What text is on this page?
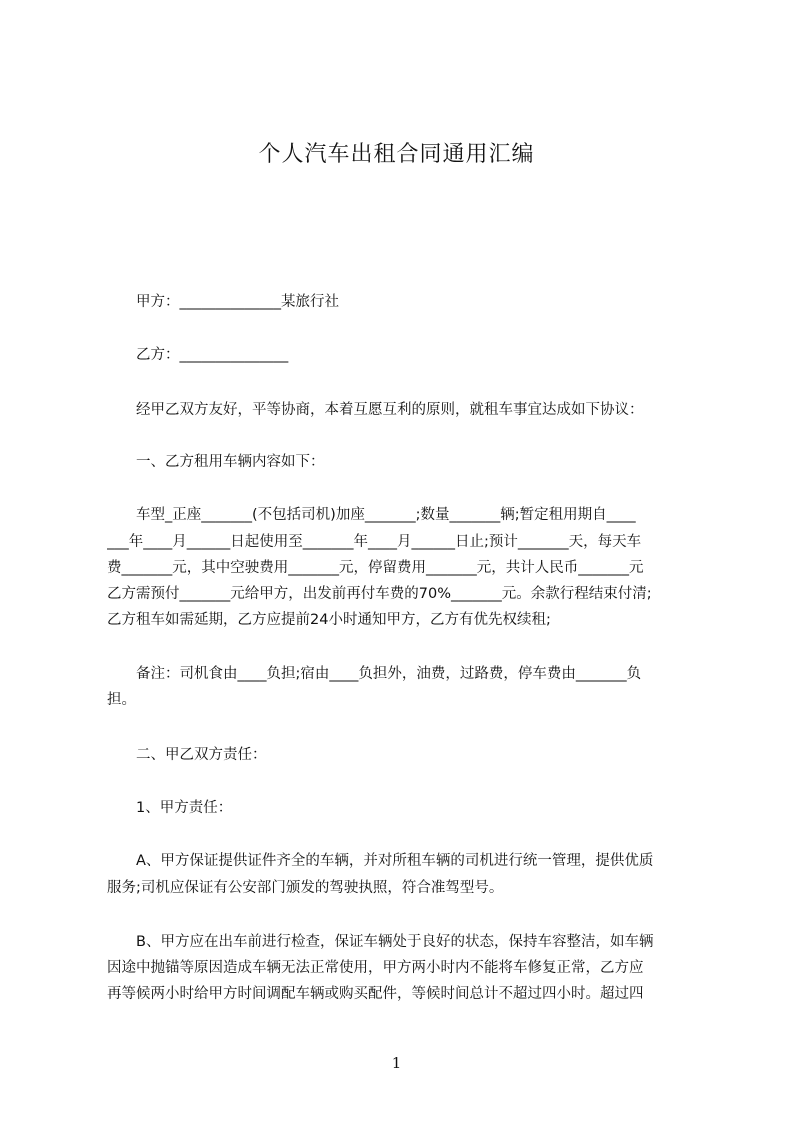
个人汽车出租合同通用汇编
　　甲方：______________某旅行社
　　乙方：_______________
　　经甲乙双方友好，平等协商，本着互愿互利的原则，就租车事宜达成如下协议：
　　一、乙方租用车辆内容如下：
　　车型_正座_______(不包括司机)加座_______;数量_______辆;暂定租用期自____
___年____月______日起使用至_______年____月______日止;预计_______天，每天车
费_______元，其中空驶费用_______元，停留费用_______元，共计人民币_______元
乙方需预付_______元给甲方，出发前再付车费的70%_______元。余款行程结束付清;
乙方租车如需延期，乙方应提前24小时通知甲方，乙方有优先权续租;
　　备注：司机食由____负担;宿由____负担外，油费，过路费，停车费由_______负
担。
　　二、甲乙双方责任：
　　1、甲方责任：
　　A、甲方保证提供证件齐全的车辆，并对所租车辆的司机进行统一管理，提供优质
服务;司机应保证有公安部门颁发的驾驶执照，符合准驾型号。
　　B、甲方应在出车前进行检查，保证车辆处于良好的状态，保持车容整洁，如车辆
因途中抛锚等原因造成车辆无法正常使用，甲方两小时内不能将车修复正常，乙方应
再等候两小时给甲方时间调配车辆或购买配件，等候时间总计不超过四小时。超过四
1
